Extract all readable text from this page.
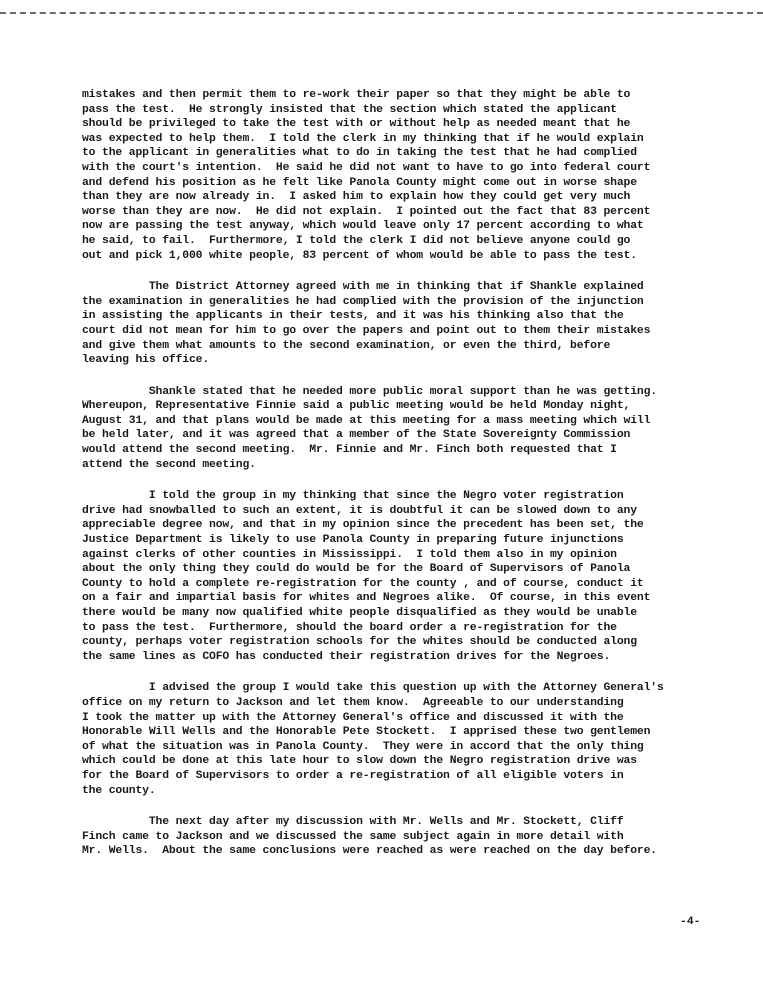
mistakes and then permit them to re-work their paper so that they might be able to
pass the test.  He strongly insisted that the section which stated the applicant
should be privileged to take the test with or without help as needed meant that he
was expected to help them.  I told the clerk in my thinking that if he would explain
to the applicant in generalities what to do in taking the test that he had complied
with the court's intention.  He said he did not want to have to go into federal court
and defend his position as he felt like Panola County might come out in worse shape
than they are now already in.  I asked him to explain how they could get very much
worse than they are now.  He did not explain.  I pointed out the fact that 83 percent
now are passing the test anyway, which would leave only 17 percent according to what
he said, to fail.  Furthermore, I told the clerk I did not believe anyone could go
out and pick 1,000 white people, 83 percent of whom would be able to pass the test.
The District Attorney agreed with me in thinking that if Shankle explained
the examination in generalities he had complied with the provision of the injunction
in assisting the applicants in their tests, and it was his thinking also that the
court did not mean for him to go over the papers and point out to them their mistakes
and give them what amounts to the second examination, or even the third, before
leaving his office.
Shankle stated that he needed more public moral support than he was getting.
Whereupon, Representative Finnie said a public meeting would be held Monday night,
August 31, and that plans would be made at this meeting for a mass meeting which will
be held later, and it was agreed that a member of the State Sovereignty Commission
would attend the second meeting.  Mr. Finnie and Mr. Finch both requested that I
attend the second meeting.
I told the group in my thinking that since the Negro voter registration
drive had snowballed to such an extent, it is doubtful it can be slowed down to any
appreciable degree now, and that in my opinion since the precedent has been set, the
Justice Department is likely to use Panola County in preparing future injunctions
against clerks of other counties in Mississippi.  I told them also in my opinion
about the only thing they could do would be for the Board of Supervisors of Panola
County to hold a complete re-registration for the county , and of course, conduct it
on a fair and impartial basis for whites and Negroes alike.  Of course, in this event
there would be many now qualified white people disqualified as they would be unable
to pass the test.  Furthermore, should the board order a re-registration for the
county, perhaps voter registration schools for the whites should be conducted along
the same lines as COFO has conducted their registration drives for the Negroes.
I advised the group I would take this question up with the Attorney General's
office on my return to Jackson and let them know.  Agreeable to our understanding
I took the matter up with the Attorney General's office and discussed it with the
Honorable Will Wells and the Honorable Pete Stockett.  I apprised these two gentlemen
of what the situation was in Panola County.  They were in accord that the only thing
which could be done at this late hour to slow down the Negro registration drive was
for the Board of Supervisors to order a re-registration of all eligible voters in
the county.
The next day after my discussion with Mr. Wells and Mr. Stockett, Cliff
Finch came to Jackson and we discussed the same subject again in more detail with
Mr. Wells.  About the same conclusions were reached as were reached on the day before.
-4-
